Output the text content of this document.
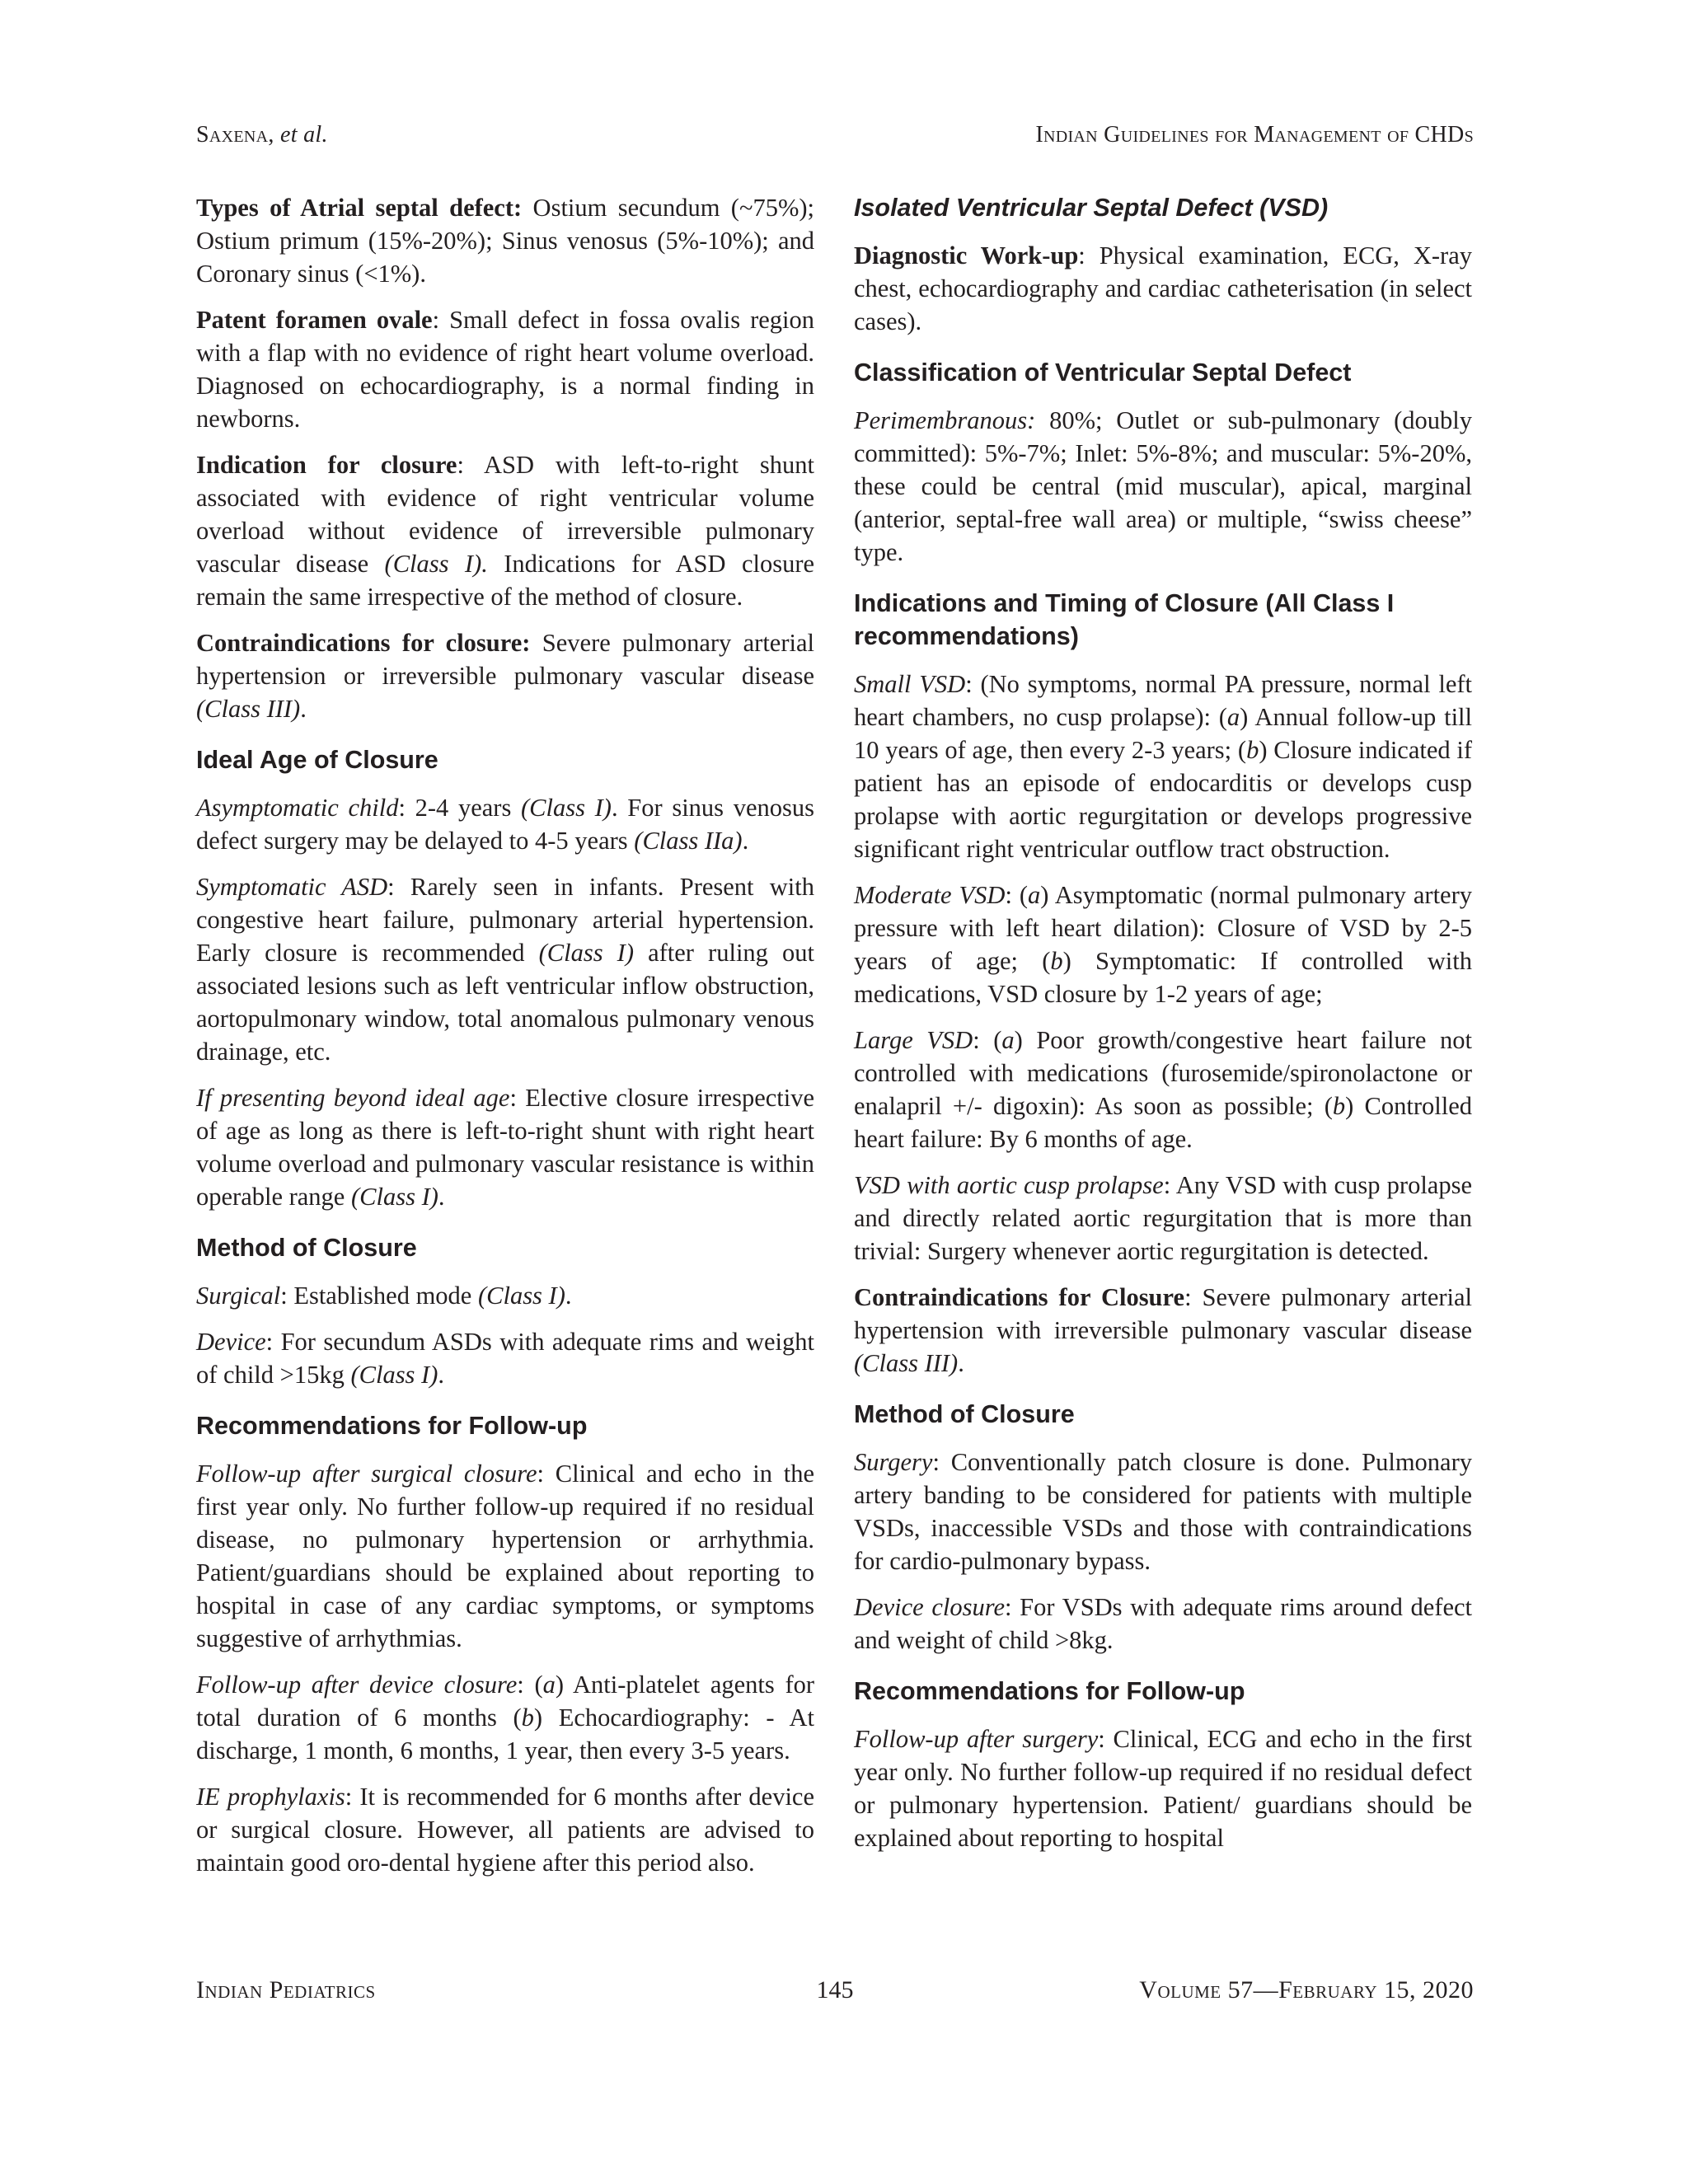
Saxena, et al.	Indian Guidelines for Management of CHDs

Types of Atrial septal defect: Ostium secundum (~75%); Ostium primum (15%-20%); Sinus venosus (5%-10%); and Coronary sinus (<1%).

Patent foramen ovale: Small defect in fossa ovalis region with a flap with no evidence of right heart volume overload. Diagnosed on echocardiography, is a normal finding in newborns.

Indication for closure: ASD with left-to-right shunt associated with evidence of right ventricular volume overload without evidence of irreversible pulmonary vascular disease (Class I). Indications for ASD closure remain the same irrespective of the method of closure.

Contraindications for closure: Severe pulmonary arterial hypertension or irreversible pulmonary vascular disease (Class III).

Ideal Age of Closure

Asymptomatic child: 2-4 years (Class I). For sinus venosus defect surgery may be delayed to 4-5 years (Class IIa).

Symptomatic ASD: Rarely seen in infants. Present with congestive heart failure, pulmonary arterial hypertension. Early closure is recommended (Class I) after ruling out associated lesions such as left ventricular inflow obstruction, aortopulmonary window, total anomalous pulmonary venous drainage, etc.

If presenting beyond ideal age: Elective closure irrespective of age as long as there is left-to-right shunt with right heart volume overload and pulmonary vascular resistance is within operable range (Class I).

Method of Closure

Surgical: Established mode (Class I).

Device: For secundum ASDs with adequate rims and weight of child >15kg (Class I).

Recommendations for Follow-up

Follow-up after surgical closure: Clinical and echo in the first year only. No further follow-up required if no residual disease, no pulmonary hypertension or arrhythmia. Patient/guardians should be explained about reporting to hospital in case of any cardiac symptoms, or symptoms suggestive of arrhythmias.

Follow-up after device closure: (a) Anti-platelet agents for total duration of 6 months (b) Echocardiography: - At discharge, 1 month, 6 months, 1 year, then every 3-5 years.

IE prophylaxis: It is recommended for 6 months after device or surgical closure. However, all patients are advised to maintain good oro-dental hygiene after this period also.

Isolated Ventricular Septal Defect (VSD)

Diagnostic Work-up: Physical examination, ECG, X-ray chest, echocardiography and cardiac catheterisation (in select cases).

Classification of Ventricular Septal Defect

Perimembranous: 80%; Outlet or sub-pulmonary (doubly committed): 5%-7%; Inlet: 5%-8%; and muscular: 5%-20%, these could be central (mid muscular), apical, marginal (anterior, septal-free wall area) or multiple, “swiss cheese” type.

Indications and Timing of Closure (All Class I recommendations)

Small VSD: (No symptoms, normal PA pressure, normal left heart chambers, no cusp prolapse): (a) Annual follow-up till 10 years of age, then every 2-3 years; (b) Closure indicated if patient has an episode of endocarditis or develops cusp prolapse with aortic regurgitation or develops progressive significant right ventricular outflow tract obstruction.

Moderate VSD: (a) Asymptomatic (normal pulmonary artery pressure with left heart dilation): Closure of VSD by 2-5 years of age; (b) Symptomatic: If controlled with medications, VSD closure by 1-2 years of age;

Large VSD: (a) Poor growth/congestive heart failure not controlled with medications (furosemide/spironolactone or enalapril +/- digoxin): As soon as possible; (b) Controlled heart failure: By 6 months of age.

VSD with aortic cusp prolapse: Any VSD with cusp prolapse and directly related aortic regurgitation that is more than trivial: Surgery whenever aortic regurgitation is detected.

Contraindications for Closure: Severe pulmonary arterial hypertension with irreversible pulmonary vascular disease (Class III).

Method of Closure

Surgery: Conventionally patch closure is done. Pulmonary artery banding to be considered for patients with multiple VSDs, inaccessible VSDs and those with contraindications for cardio-pulmonary bypass.

Device closure: For VSDs with adequate rims around defect and weight of child >8kg.

Recommendations for Follow-up

Follow-up after surgery: Clinical, ECG and echo in the first year only. No further follow-up required if no residual defect or pulmonary hypertension. Patient/ guardians should be explained about reporting to hospital

Indian Pediatrics	145	Volume 57—February 15, 2020
